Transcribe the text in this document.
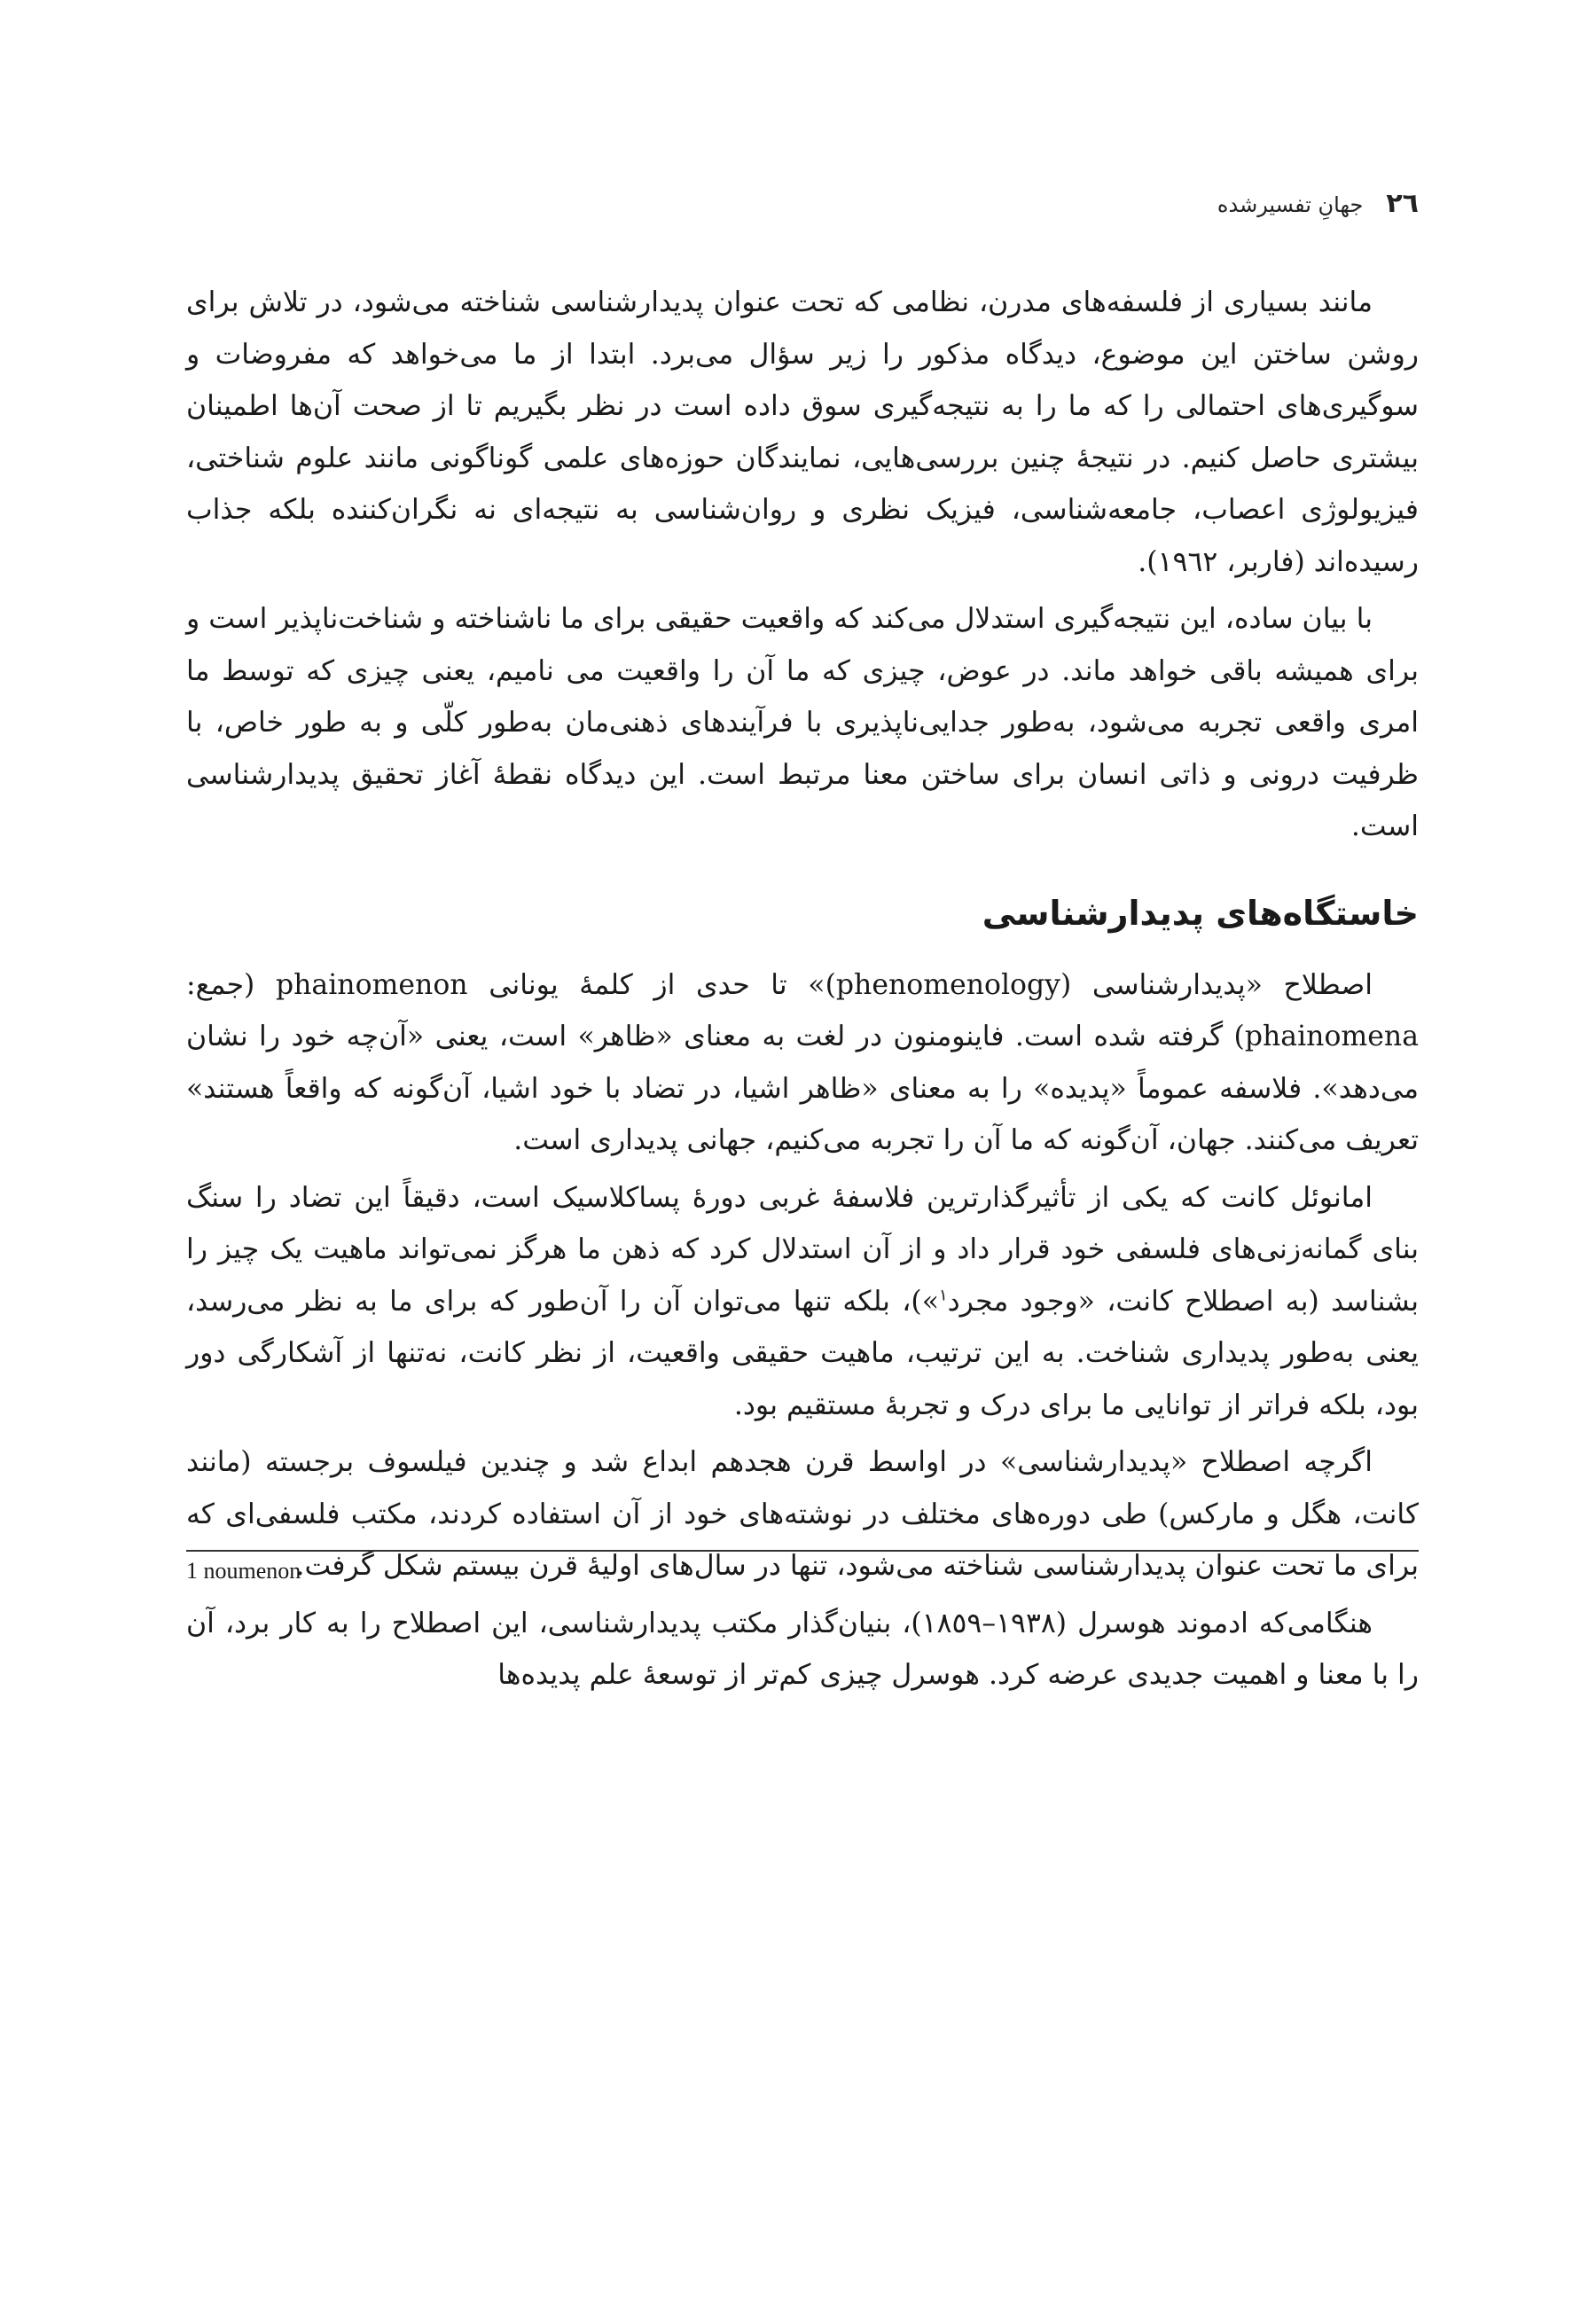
٢٦
جهانِ تفسیرشده

مانند بسیاری از فلسفه‌های مدرن، نظامی که تحت عنوان پدیدارشناسی شناخته می‌شود، در تلاش برای روشن ساختن این موضوع، دیدگاه مذکور را زیر سؤال می‌برد. ابتدا از ما می‌خواهد که مفروضات و سوگیری‌های احتمالی را که ما را به نتیجه‌گیری سوق داده است در نظر بگیریم تا از صحت آن‌ها اطمینان بیشتری حاصل کنیم. در نتیجهٔ چنین بررسی‌هایی، نمایندگان حوزه‌های علمی گوناگونی مانند علوم شناختی، فیزیولوژی اعصاب، جامعه‌شناسی، فیزیک نظری و روان‌شناسی به نتیجه‌ای نه نگران‌کننده بلکه جذاب رسیده‌اند (فاربر، ١٩٦٢).

با بیان ساده، این نتیجه‌گیری استدلال می‌کند که واقعیت حقیقی برای ما ناشناخته و شناخت‌ناپذیر است و برای همیشه باقی خواهد ماند. در عوض، چیزی که ما آن را واقعیت می نامیم، یعنی چیزی که توسط ما امری واقعی تجربه می‌شود، به‌طور جدایی‌ناپذیری با فرآیندهای ذهنی‌مان به‌طور کلّی و به طور خاص، با ظرفیت درونی و ذاتی انسان برای ساختن معنا مرتبط است. این دیدگاه نقطهٔ آغاز تحقیق پدیدارشناسی است.

خاستگاه‌های پدیدارشناسی

اصطلاح «پدیدارشناسی (phenomenology)» تا حدی از کلمهٔ یونانی phainomenon (جمع: phainomena) گرفته شده است. فاینومنون در لغت به معنای «ظاهر» است، یعنی «آن‌چه خود را نشان می‌دهد». فلاسفه عموماً «پدیده» را به معنای «ظاهر اشیا، در تضاد با خود اشیا، آن‌گونه که واقعاً هستند» تعریف می‌کنند. جهان، آن‌گونه که ما آن را تجربه می‌کنیم، جهانی پدیداری است.

امانوئل کانت که یکی از تأثیرگذارترین فلاسفهٔ غربی دورهٔ پساکلاسیک است، دقیقاً این تضاد را سنگ بنای گمانه‌زنی‌های فلسفی خود قرار داد و از آن استدلال کرد که ذهن ما هرگز نمی‌تواند ماهیت یک چیز را بشناسد (به اصطلاح کانت، «وجود مجرد$^١$»)، بلکه تنها می‌توان آن را آن‌طور که برای ما به نظر می‌رسد، یعنی به‌طور پدیداری شناخت. به این ترتیب، ماهیت حقیقی واقعیت، از نظر کانت، نه‌تنها از آشکارگی دور بود، بلکه فراتر از توانایی ما برای درک و تجربهٔ مستقیم بود.

اگرچه اصطلاح «پدیدارشناسی» در اواسط قرن هجدهم ابداع شد و چندین فیلسوف برجسته (مانند کانت، هگل و مارکس) طی دوره‌های مختلف در نوشته‌های خود از آن استفاده کردند، مکتب فلسفی‌ای که برای ما تحت عنوان پدیدارشناسی شناخته می‌شود، تنها در سال‌های اولیهٔ قرن بیستم شکل گرفت.

هنگامی‌که ادموند هوسرل (١٩٣٨–١٨٥٩)، بنیان‌گذار مکتب پدیدارشناسی، این اصطلاح را به کار برد، آن را با معنا و اهمیت جدیدی عرضه کرد. هوسرل چیزی کم‌تر از توسعهٔ علم پدیده‌ها

1 noumenon
